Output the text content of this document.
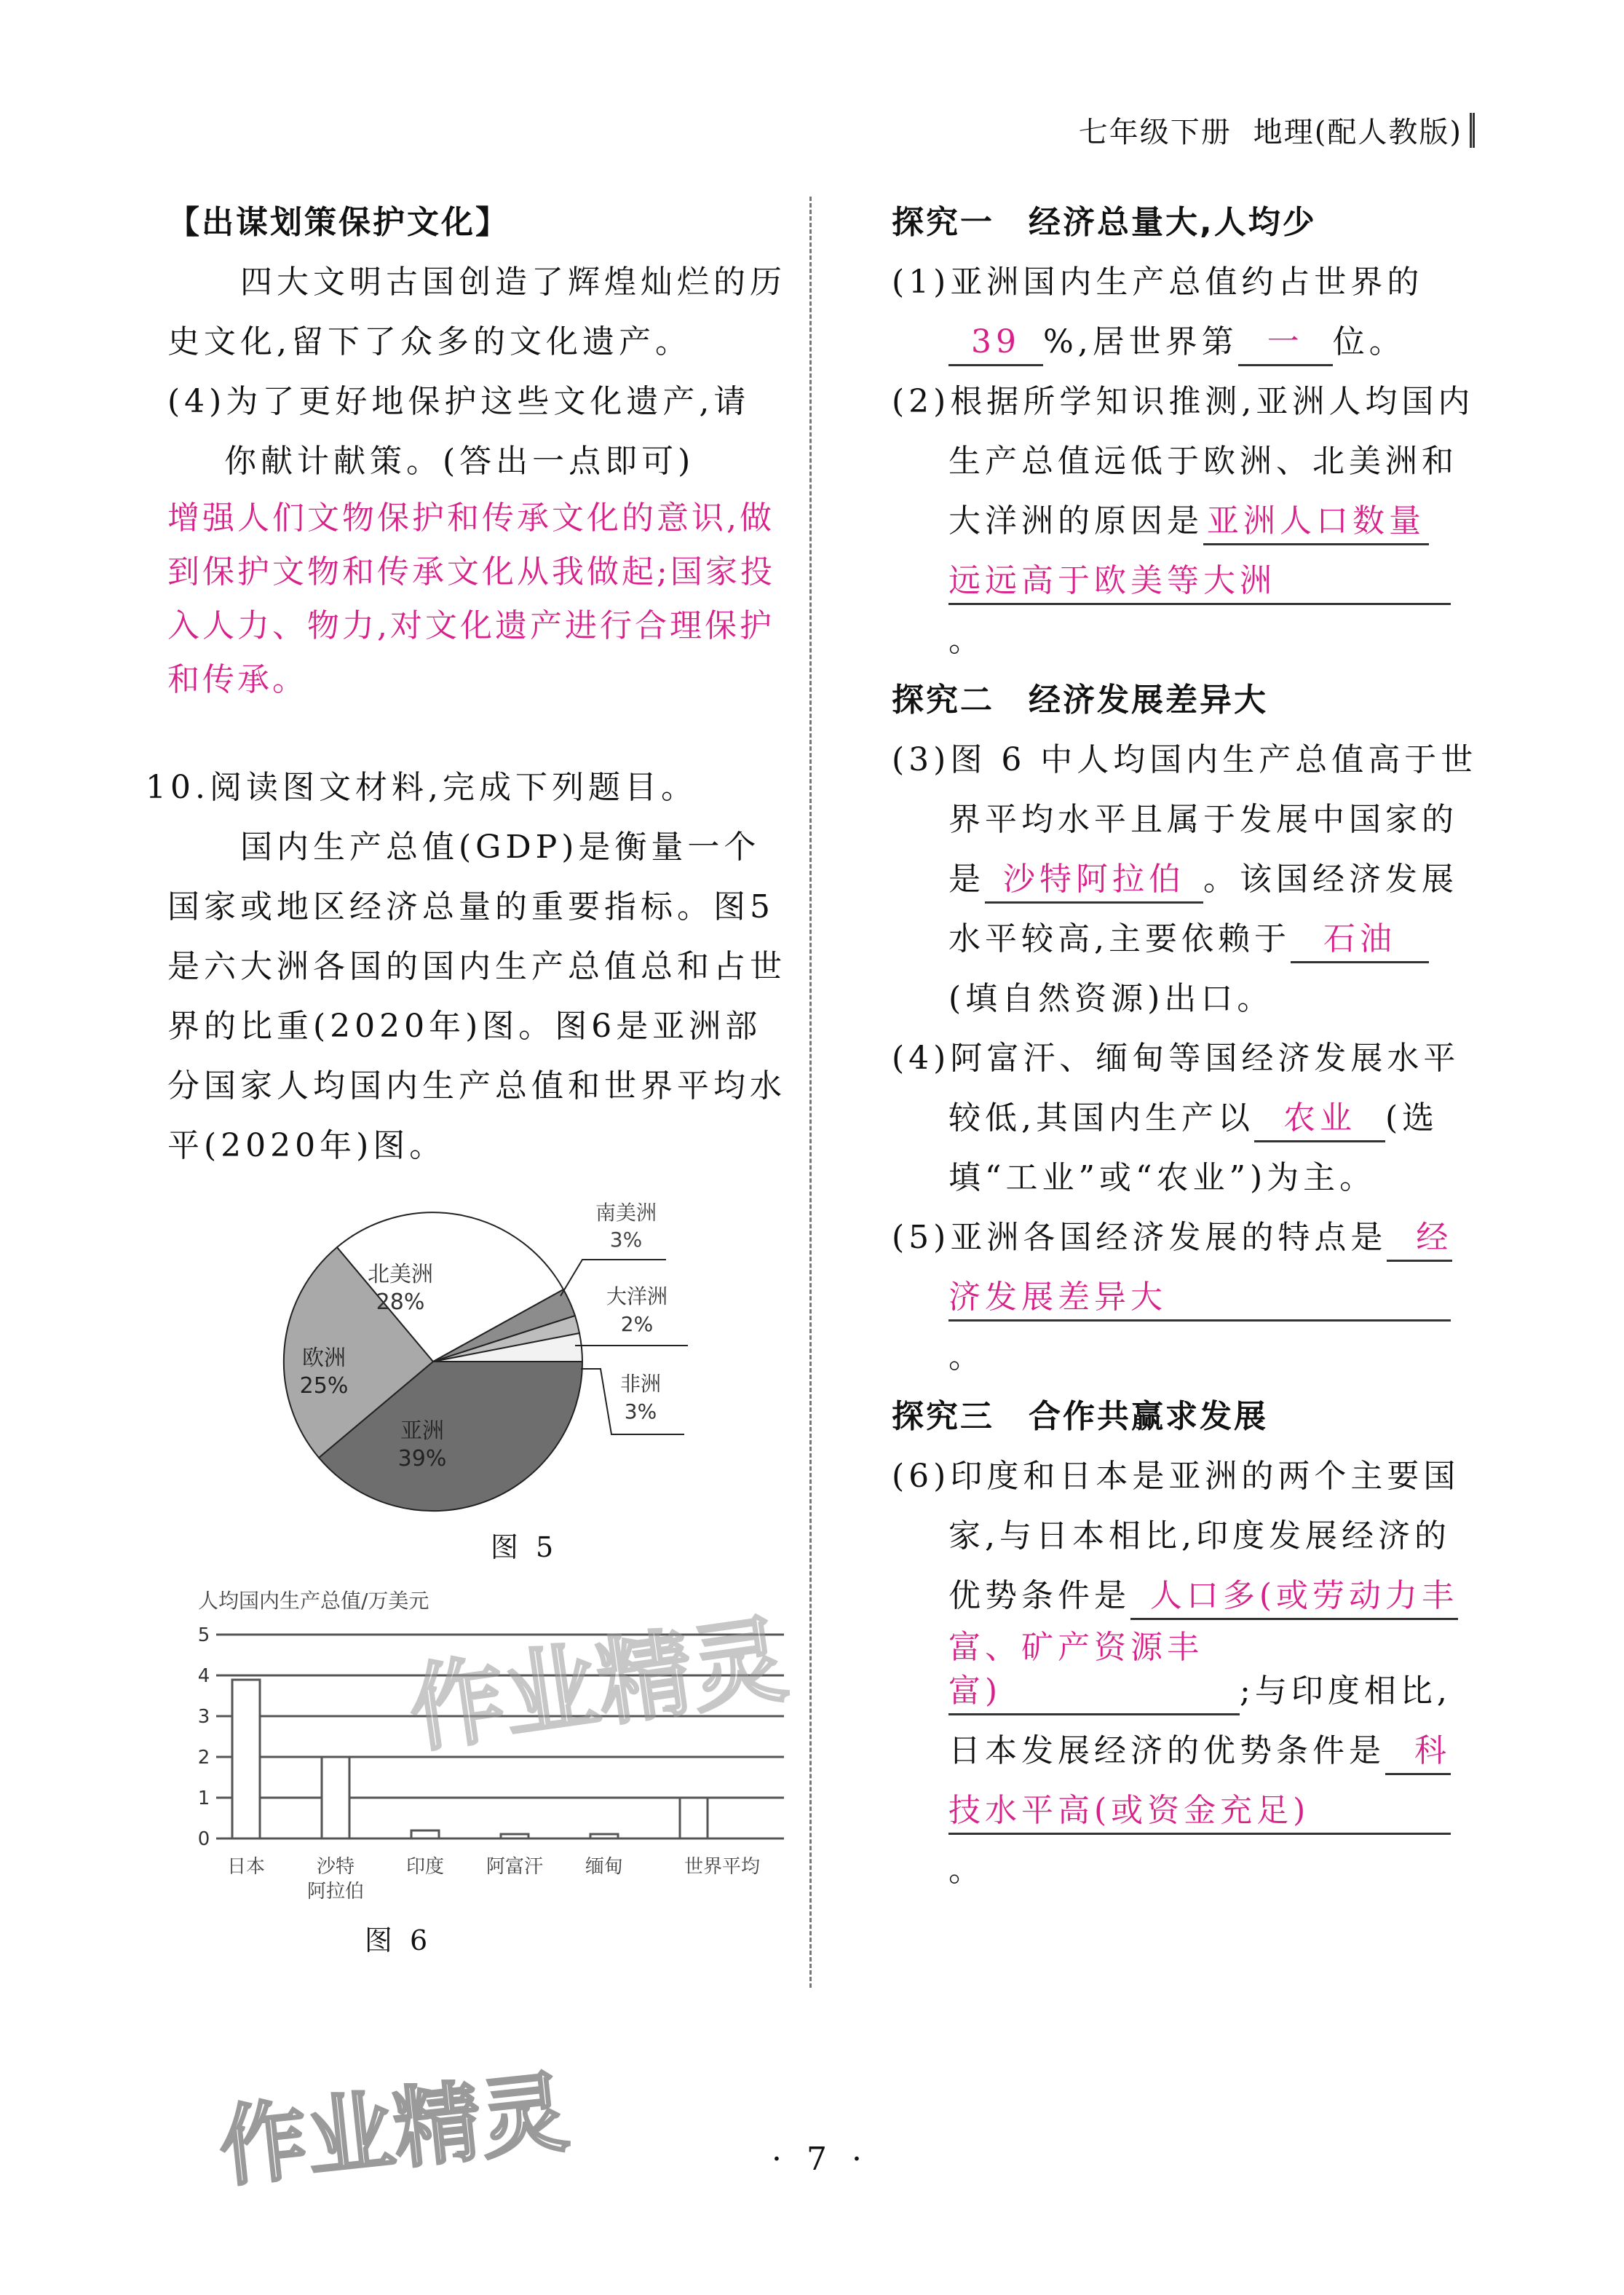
七年级下册 地理(配人教版)
【出谋划策保护文化】
四大文明古国创造了辉煌灿烂的历史文化,留下了众多的文化遗产。
(4)为了更好地保护这些文化遗产,请你献计献策。(答出一点即可)
增强人们文物保护和传承文化的意识,做到保护文物和传承文化从我做起;国家投入人力、物力,对文化遗产进行合理保护和传承。
10.阅读图文材料,完成下列题目。
国内生产总值(GDP)是衡量一个国家或地区经济总量的重要指标。图5是六大洲各国的国内生产总值总和占世界的比重(2020年)图。图6是亚洲部分国家人均国内生产总值和世界平均水平(2020年)图。
北美洲
28%
欧洲
25%
亚洲
39%
南美洲
3%
大洋洲
2%
非洲
3%
图 5
人均国内生产总值/万美元
5
4
3
2
1
0
日本	沙特
阿拉伯
印度 阿富汗 缅甸	世界平均
图 6
探究一　经济总量大,人均少
(1)亚洲国内生产总值约占世界的
39 %,居世界第 一 位。
(2)根据所学知识推测,亚洲人均国内生产总值远低于欧洲、北美洲和大洋洲的原因是 亚洲人口数量
远远高于欧美等大洲。
探究二　经济发展差异大
(3)图 6 中人均国内生产总值高于世界平均水平且属于发展中国家的是 沙特阿拉伯 。该国经济发展水平较高,主要依赖于 石油(填自然资源)出口。
(4)阿富汗、缅甸等国经济发展水平较低,其国内生产以 农业 (选填“工业”或“农业”)为主。
(5)亚洲各国经济发展的特点是 经
济发展差异大。
探究三　合作共赢求发展
(6)印度和日本是亚洲的两个主要国家,与日本相比,印度发展经济的优势条件是 人口多(或劳动力丰
富、矿产资源丰富)	;与印度相比,日本发展经济的优势条件是 科
技水平高(或资金充足)。
作业精灵
作业精灵
· 7 ·
